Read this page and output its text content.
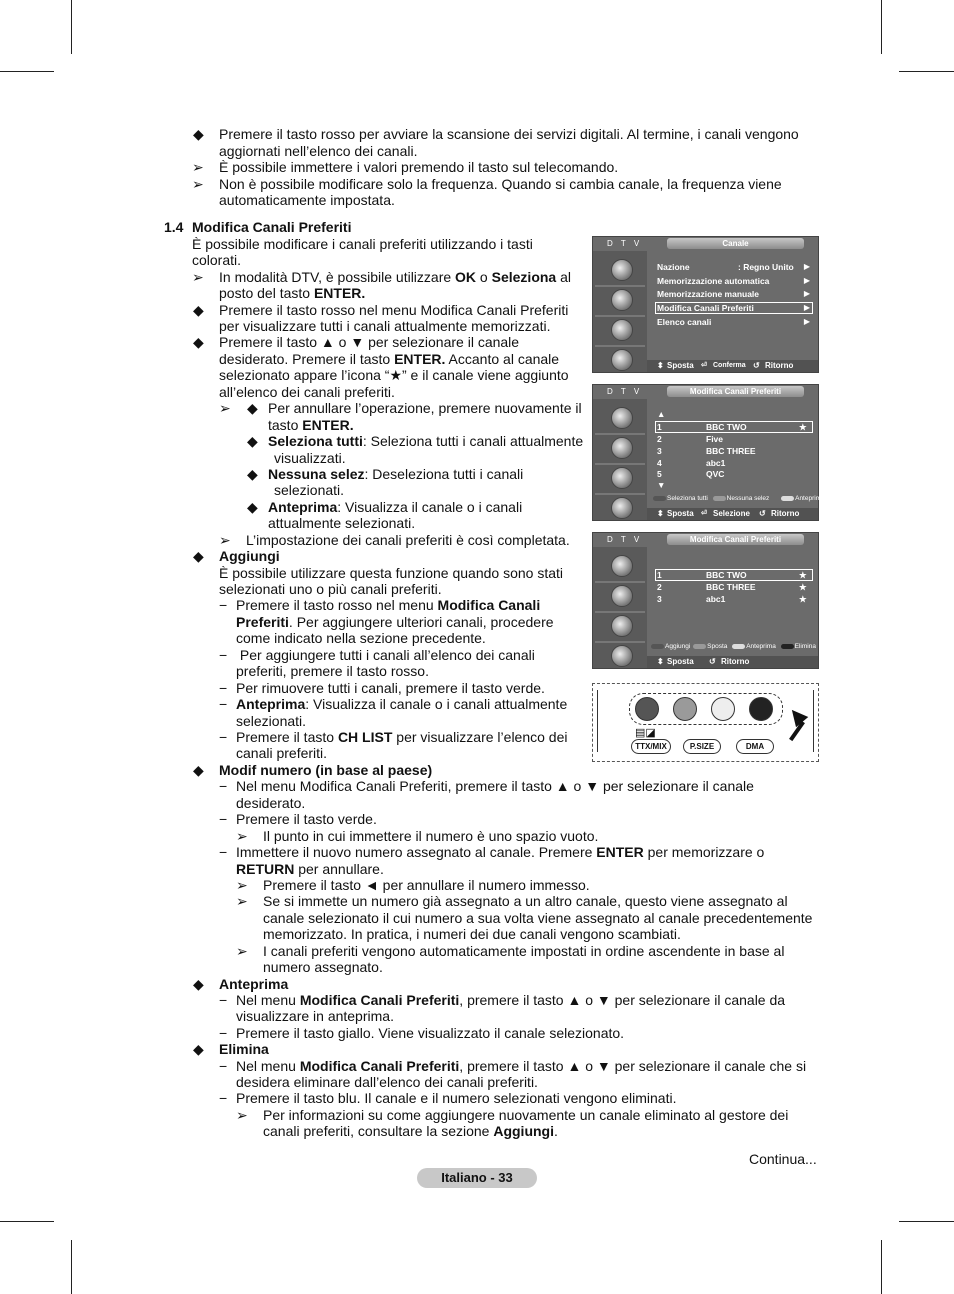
◆ Premere il tasto rosso per avviare la scansione dei servizi digitali. Al termine, i canali vengono

aggiornati nell’elenco dei canali.

➢ È possibile immettere i valori premendo il tasto sul telecomando.

➢ Non è possibile modificare solo la frequenza. Quando si cambia canale, la frequenza viene

automaticamente impostata.

1.4 Modifica Canali Preferiti

È possibile modificare i canali preferiti utilizzando i tasti

colorati.

➢ In modalità DTV, è possibile utilizzare OK o Seleziona al

posto del tasto ENTER.

◆ Premere il tasto rosso nel menu Modifica Canali Preferiti

per visualizzare tutti i canali attualmente memorizzati.

◆ Premere il tasto ▲ o ▼ per selezionare il canale

desiderato. Premere il tasto ENTER. Accanto al canale

selezionato appare l’icona “★” e il canale viene aggiunto

all’elenco dei canali preferiti.

➢ ◆ Per annullare l’operazione, premere nuovamente il

tasto ENTER.

◆ Seleziona tutti: Seleziona tutti i canali attualmente

visualizzati.

◆ Nessuna selez: Deseleziona tutti i canali

selezionati.

◆ Anteprima: Visualizza il canale o i canali

attualmente selezionati.

➢ L’impostazione dei canali preferiti è così completata.

◆ Aggiungi

È possibile utilizzare questa funzione quando sono stati

selezionati uno o più canali preferiti.

− Premere il tasto rosso nel menu Modifica Canali

Preferiti. Per aggiungere ulteriori canali, procedere

come indicato nella sezione precedente.

− Per aggiungere tutti i canali all’elenco dei canali

preferiti, premere il tasto rosso.

− Per rimuovere tutti i canali, premere il tasto verde.

− Anteprima: Visualizza il canale o i canali attualmente

selezionati.

− Premere il tasto CH LIST per visualizzare l’elenco dei

canali preferiti.

◆ Modif numero (in base al paese)

− Nel menu Modifica Canali Preferiti, premere il tasto ▲ o ▼ per selezionare il canale

desiderato.

− Premere il tasto verde.

➢ Il punto in cui immettere il numero è uno spazio vuoto.

− Immettere il nuovo numero assegnato al canale. Premere ENTER per memorizzare o

RETURN per annullare.

➢ Premere il tasto ◄ per annullare il numero immesso.

➢ Se si immette un numero già assegnato a un altro canale, questo viene assegnato al

canale selezionato il cui numero a sua volta viene assegnato al canale precedentemente

memorizzato. In pratica, i numeri dei due canali vengono scambiati.

➢ I canali preferiti vengono automaticamente impostati in ordine ascendente in base al

numero assegnato.

◆ Anteprima

− Nel menu Modifica Canali Preferiti, premere il tasto ▲ o ▼ per selezionare il canale da

visualizzare in anteprima.

− Premere il tasto giallo. Viene visualizzato il canale selezionato.

◆ Elimina

− Nel menu Modifica Canali Preferiti, premere il tasto ▲ o ▼ per selezionare il canale che si

desidera eliminare dall’elenco dei canali preferiti.

− Premere il tasto blu. Il canale e il numero selezionati vengono eliminati.

➢ Per informazioni su come aggiungere nuovamente un canale eliminato al gestore dei

canali preferiti, consultare la sezione Aggiungi.

D T V	Canale
Nazione	: Regno Unito ▶
Memorizzazione automatica	▶
Memorizzazione manuale	▶
Modifica Canali Preferiti	▶
Elenco canali	▶
⬍ Sposta ⏎ Conferma ↺ Ritorno
D T V	Modifica Canali Preferiti
▲
1	BBC TWO	★
2	Five
3	BBC THREE
4	abc1
5	QVC
▼
Seleziona tutti	Nessuna selez	Anteprima
⬍ Sposta ⏎ Selezione ↺ Ritorno
D T V	Modifica Canali Preferiti
1	BBC TWO	★
2	BBC THREE	★
3	abc1	★
Aggiungi	Sposta	Anteprima	Elimina
⬍ Sposta ↺ Ritorno
▤◪
TTX/MIX	P.SIZE	DMA

Continua...

Italiano - 33
